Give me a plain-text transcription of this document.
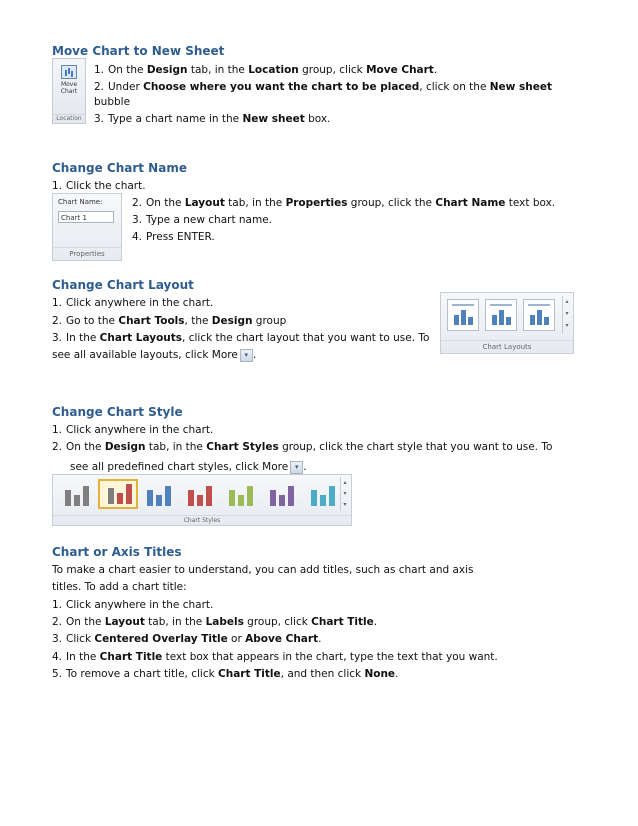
Move Chart to New Sheet
Move
Chart
Location
1. On the Design tab, in the Location group, click Move Chart.
2. Under Choose where you want the chart to be placed, click on the New sheet
bubble
3. Type a chart name in the New sheet box.
Change Chart Name
1. Click the chart.
Chart Name:
Chart 1
Properties
2. On the Layout tab, in the Properties group, click the Chart Name text box.
3. Type a new chart name.
4. Press ENTER.
Change Chart Layout
1. Click anywhere in the chart.
2. Go to the Chart Tools, the Design group
3. In the Chart Layouts, click the chart layout that you want to use. To
see all available layouts, click More ▾ .
▴
▾
▾
Chart Layouts
Change Chart Style
1. Click anywhere in the chart.
2. On the Design tab, in the Chart Styles group, click the chart style that you want to use. To
see all predefined chart styles, click More ▾ .
▴
▾
▾
Chart Styles
Chart or Axis Titles
To make a chart easier to understand, you can add titles, such as chart and axis
titles. To add a chart title:
1. Click anywhere in the chart.
2. On the Layout tab, in the Labels group, click Chart Title.
3. Click Centered Overlay Title or Above Chart.
4. In the Chart Title text box that appears in the chart, type the text that you want.
5. To remove a chart title, click Chart Title, and then click None.
